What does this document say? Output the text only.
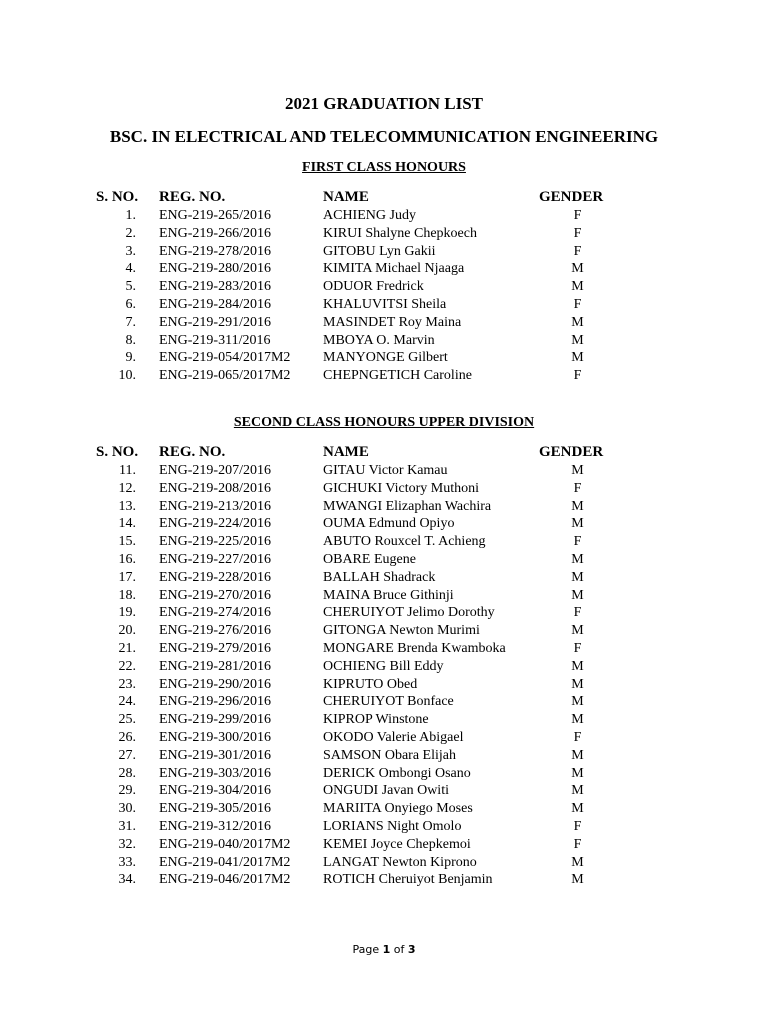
2021 GRADUATION LIST
BSC. IN ELECTRICAL AND TELECOMMUNICATION ENGINEERING
FIRST CLASS HONOURS
S. NO.		REG. NO.	NAME	GENDER
1.		ENG-219-265/2016	ACHIENG Judy	F
2.		ENG-219-266/2016	KIRUI Shalyne Chepkoech	F
3.		ENG-219-278/2016	GITOBU Lyn Gakii	F
4.		ENG-219-280/2016	KIMITA Michael Njaaga	M
5.		ENG-219-283/2016	ODUOR Fredrick	M
6.		ENG-219-284/2016	KHALUVITSI Sheila	F
7.		ENG-219-291/2016	MASINDET Roy Maina	M
8.		ENG-219-311/2016	MBOYA O. Marvin	M
9.		ENG-219-054/2017M2	MANYONGE Gilbert	M
10.		ENG-219-065/2017M2	CHEPNGETICH Caroline	F
SECOND CLASS HONOURS UPPER DIVISION
S. NO.		REG. NO.	NAME	GENDER
11.		ENG-219-207/2016	GITAU Victor Kamau	M
12.		ENG-219-208/2016	GICHUKI Victory Muthoni	F
13.		ENG-219-213/2016	MWANGI Elizaphan Wachira	M
14.		ENG-219-224/2016	OUMA Edmund Opiyo	M
15.		ENG-219-225/2016	ABUTO Rouxcel T. Achieng	F
16.		ENG-219-227/2016	OBARE Eugene	M
17.		ENG-219-228/2016	BALLAH Shadrack	M
18.		ENG-219-270/2016	MAINA Bruce Githinji	M
19.		ENG-219-274/2016	CHERUIYOT Jelimo Dorothy	F
20.		ENG-219-276/2016	GITONGA Newton Murimi	M
21.		ENG-219-279/2016	MONGARE Brenda Kwamboka	F
22.		ENG-219-281/2016	OCHIENG Bill Eddy	M
23.		ENG-219-290/2016	KIPRUTO Obed	M
24.		ENG-219-296/2016	CHERUIYOT Bonface	M
25.		ENG-219-299/2016	KIPROP Winstone	M
26.		ENG-219-300/2016	OKODO Valerie Abigael	F
27.		ENG-219-301/2016	SAMSON Obara Elijah	M
28.		ENG-219-303/2016	DERICK Ombongi Osano	M
29.		ENG-219-304/2016	ONGUDI Javan Owiti	M
30.		ENG-219-305/2016	MARIITA Onyiego Moses	M
31.		ENG-219-312/2016	LORIANS Night Omolo	F
32.		ENG-219-040/2017M2	KEMEI Joyce Chepkemoi	F
33.		ENG-219-041/2017M2	LANGAT Newton Kiprono	M
34.		ENG-219-046/2017M2	ROTICH Cheruiyot Benjamin	M
Page 1 of 3
